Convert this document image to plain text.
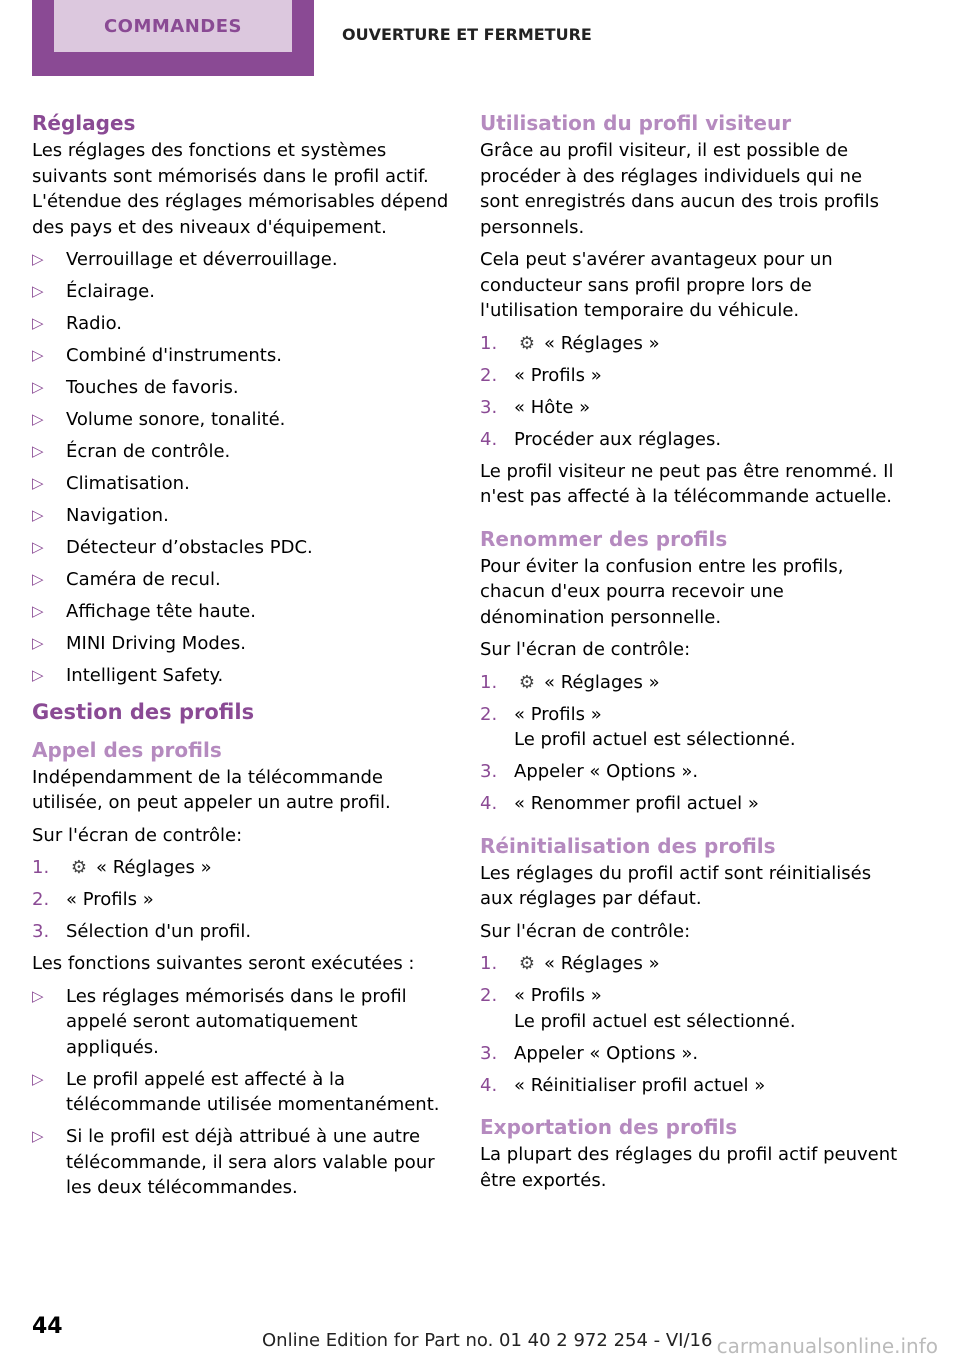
COMMANDES	OUVERTURE ET FERMETURE
Réglages

Les réglages des fonctions et systèmes suivants sont mémorisés dans le profil actif. L'étendue des réglages mémorisables dépend des pays et des niveaux d'équipement.

▷ Verrouillage et déverrouillage.
▷ Éclairage.
▷ Radio.
▷ Combiné d'instruments.
▷ Touches de favoris.
▷ Volume sonore, tonalité.
▷ Écran de contrôle.
▷ Climatisation.
▷ Navigation.
▷ Détecteur d’obstacles PDC.
▷ Caméra de recul.
▷ Affichage tête haute.
▷ MINI Driving Modes.
▷ Intelligent Safety.
Gestion des profils
Appel des profils

Indépendamment de la télécommande utilisée, on peut appeler un autre profil.

Sur l'écran de contrôle:

1. ⚙ « Réglages »
2. « Profils »
3. Sélection d'un profil.

Les fonctions suivantes seront exécutées :

▷ Les réglages mémorisés dans le profil appelé seront automatiquement appliqués.
▷ Le profil appelé est affecté à la télécommande utilisée momentanément.
▷ Si le profil est déjà attribué à une autre télécommande, il sera alors valable pour les deux télécommandes.
Utilisation du profil visiteur

Grâce au profil visiteur, il est possible de procéder à des réglages individuels qui ne sont enregistrés dans aucun des trois profils personnels.

Cela peut s'avérer avantageux pour un conducteur sans profil propre lors de l'utilisation temporaire du véhicule.

1. ⚙ « Réglages »
2. « Profils »
3. « Hôte »
4. Procéder aux réglages.

Le profil visiteur ne peut pas être renommé. Il n'est pas affecté à la télécommande actuelle.

Renommer des profils

Pour éviter la confusion entre les profils, chacun d'eux pourra recevoir une dénomination personnelle.

Sur l'écran de contrôle:

1. ⚙ « Réglages »
2. « Profils »
Le profil actuel est sélectionné.
3. Appeler « Options ».
4. « Renommer profil actuel »
Réinitialisation des profils

Les réglages du profil actif sont réinitialisés aux réglages par défaut.

Sur l'écran de contrôle:

1. ⚙ « Réglages »
2. « Profils »
Le profil actuel est sélectionné.
3. Appeler « Options ».
4. « Réinitialiser profil actuel »
Exportation des profils

La plupart des réglages du profil actif peuvent être exportés.

44
Online Edition for Part no. 01 40 2 972 254 - VI/16 carmanualsonline.info
